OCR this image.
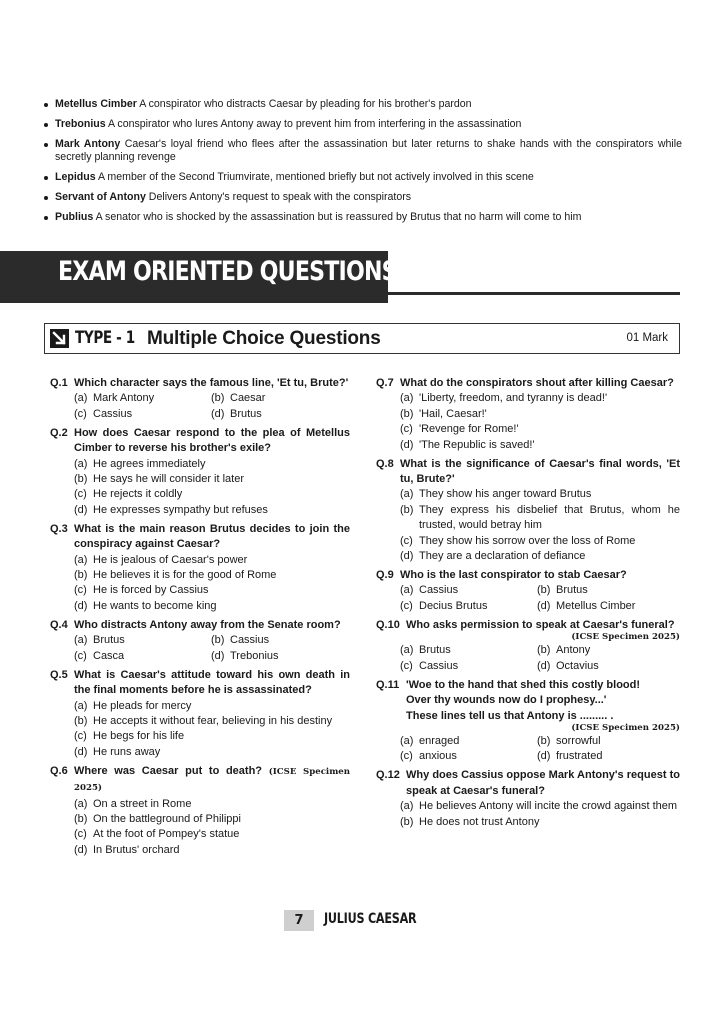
Metellus Cimber A conspirator who distracts Caesar by pleading for his brother's pardon
Trebonius A conspirator who lures Antony away to prevent him from interfering in the assassination
Mark Antony Caesar's loyal friend who flees after the assassination but later returns to shake hands with the conspirators while secretly planning revenge
Lepidus A member of the Second Triumvirate, mentioned briefly but not actively involved in this scene
Servant of Antony Delivers Antony's request to speak with the conspirators
Publius A senator who is shocked by the assassination but is reassured by Brutus that no harm will come to him
EXAM ORIENTED QUESTIONS
TYPE - 1 Multiple Choice Questions	01 Mark
Q.1 Which character says the famous line, 'Et tu, Brute?'
(a) Mark Antony	(b) Caesar
(c) Cassius	(d) Brutus
Q.2 How does Caesar respond to the plea of Metellus Cimber to reverse his brother's exile?
(a) He agrees immediately
(b) He says he will consider it later
(c) He rejects it coldly
(d) He expresses sympathy but refuses
Q.3 What is the main reason Brutus decides to join the conspiracy against Caesar?
(a) He is jealous of Caesar's power
(b) He believes it is for the good of Rome
(c) He is forced by Cassius
(d) He wants to become king
Q.4 Who distracts Antony away from the Senate room?
(a) Brutus	(b) Cassius
(c) Casca	(d) Trebonius
Q.5 What is Caesar's attitude toward his own death in the final moments before he is assassinated?
(a) He pleads for mercy
(b) He accepts it without fear, believing in his destiny
(c) He begs for his life
(d) He runs away
Q.6 Where was Caesar put to death? (ICSE Specimen 2025)
(a) On a street in Rome
(b) On the battleground of Philippi
(c) At the foot of Pompey's statue
(d) In Brutus' orchard
Q.7 What do the conspirators shout after killing Caesar?
(a) 'Liberty, freedom, and tyranny is dead!'
(b) 'Hail, Caesar!'
(c) 'Revenge for Rome!'
(d) 'The Republic is saved!'
Q.8 What is the significance of Caesar's final words, 'Et tu, Brute?'
(a) They show his anger toward Brutus
(b) They express his disbelief that Brutus, whom he trusted, would betray him
(c) They show his sorrow over the loss of Rome
(d) They are a declaration of defiance
Q.9 Who is the last conspirator to stab Caesar?
(a) Cassius	(b) Brutus
(c) Decius Brutus	(d) Metellus Cimber
Q.10 Who asks permission to speak at Caesar's funeral?
(ICSE Specimen 2025)
(a) Brutus	(b) Antony
(c) Cassius	(d) Octavius
Q.11 'Woe to the hand that shed this costly blood!
Over thy wounds now do I prophesy...'
These lines tell us that Antony is ......... .
(ICSE Specimen 2025)
(a) enraged	(b) sorrowful
(c) anxious	(d) frustrated
Q.12 Why does Cassius oppose Mark Antony's request to speak at Caesar's funeral?
(a) He believes Antony will incite the crowd against them
(b) He does not trust Antony
7	JULIUS CAESAR
